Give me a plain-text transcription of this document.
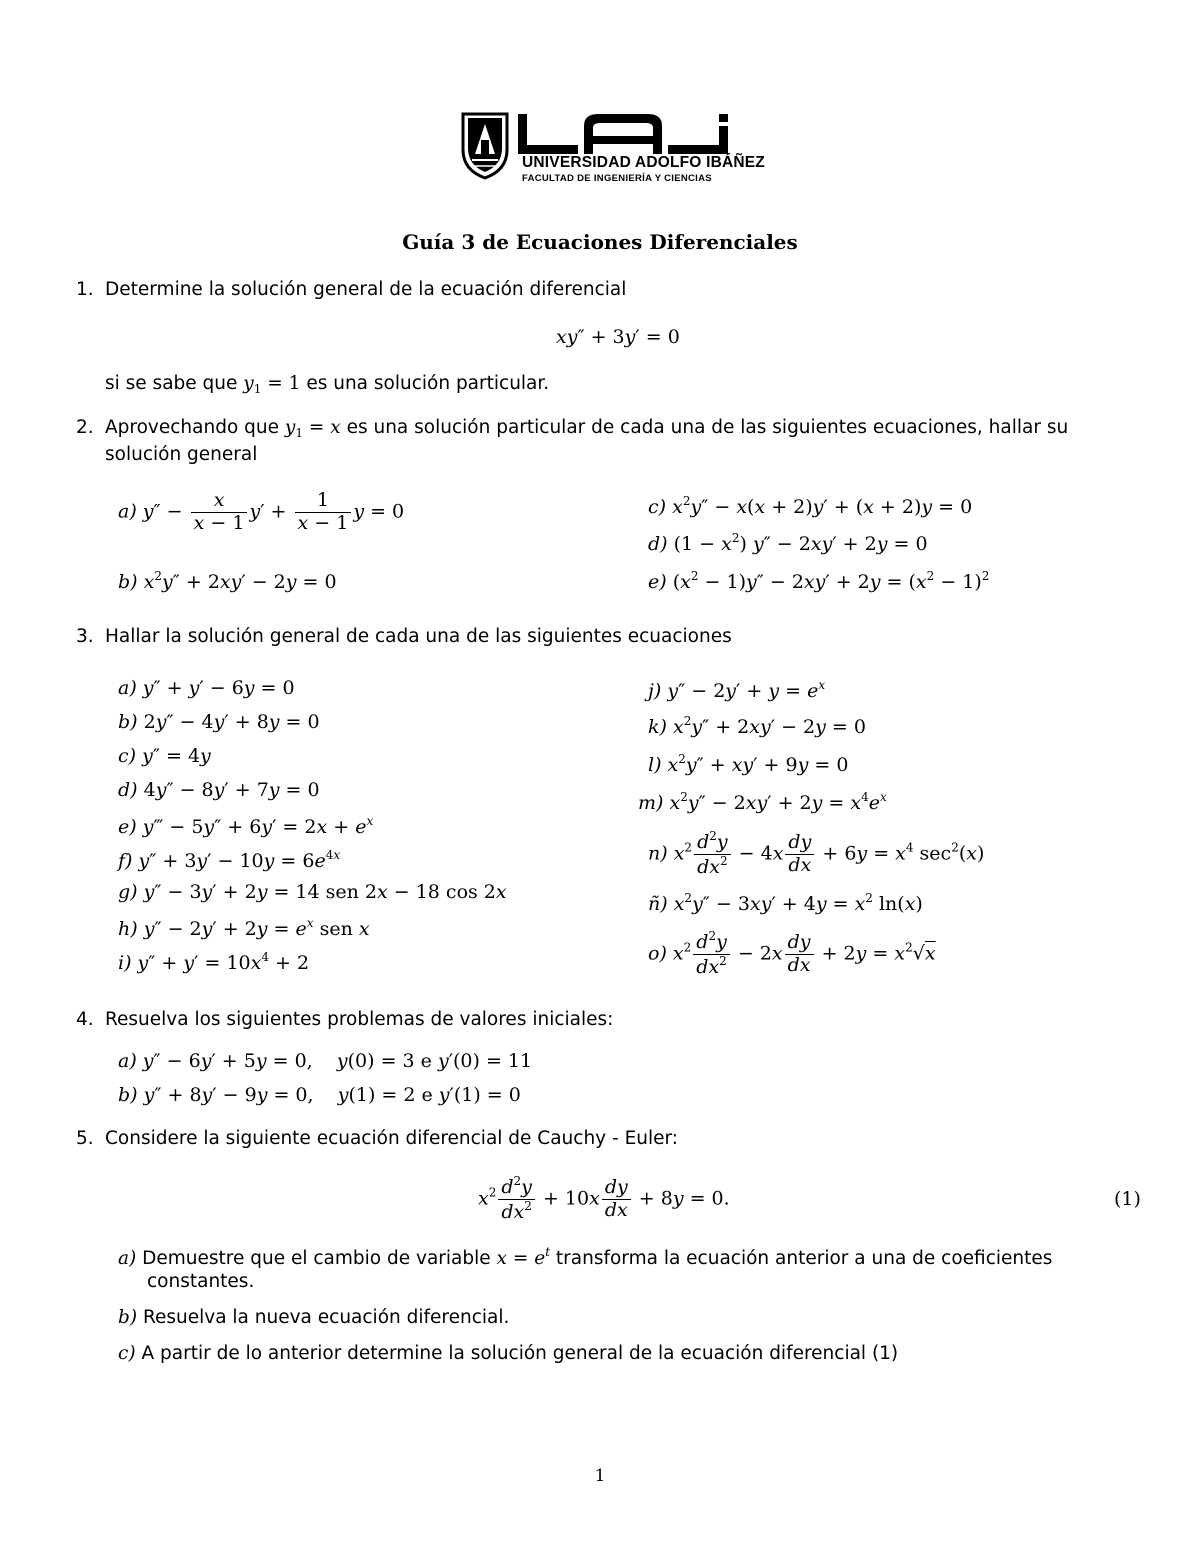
UNIVERSIDAD ADOLFO IBÁÑEZ
FACULTAD DE INGENIERÍA Y CIENCIAS
Guía 3 de Ecuaciones Diferenciales
1. Determine la solución general de la ecuación diferencial
xy″ + 3y′ = 0
si se sabe que $y_1 = 1$ es una solución particular.
2. Aprovechando que $y_1 = x$ es una solución particular de cada una de las siguientes ecuaciones, hallar su
solución general
a) $y'' - \frac{x}{x - 1} y' + \frac{1}{x - 1}$ y = 0
b) $x^2y'' + 2xy' - 2y = 0$
c) $x^2y'' - x(x + 2)y' + (x + 2)y = 0$
d) $(1 - x^2)$ y″ − 2xy′ + 2y = 0
e) $(x^2 - 1)y'' - 2xy' + 2y = (x^2 - 1)^2$
3. Hallar la solución general de cada una de las siguientes ecuaciones
a) y″ + y′ − 6y = 0
b) 2y″ − 4y′ + 8y = 0
c) y″ = 4y
d) 4y″ − 8y′ + 7y = 0
e) y‴ − $5y'' + 6y' = 2x + e^x$
f) $y'' + 3y' - 10y = 6e^{4x}$
g) y″ − 3y′ + 2y = 14 sen 2x − 18 cos 2x
h) $y'' - 2y' + 2y = e^x$ sen x
i) $y'' + y' = 10x^4 + 2$
j) $y'' - 2y' + y = e^x$
k) $x^2y'' + 2xy' - 2y = 0$
l) $x^2y'' + xy' + 9y = 0$
m) $x^2y'' - 2xy' + 2y = x^4e^x$
n) $x^2 \frac{d^2y}{dx^2} - 4x \frac{dy}{dx} + 6y = x^4$ $\sec^2(x)$
ñ) $x^2y'' - 3xy' + 4y = x^2$ ln(x)
o) $x^2 \frac{d^2y}{dx^2} - 2x \frac{dy}{dx} + 2y = x^2√x$
4. Resuelva los siguientes problemas de valores iniciales:
a) y″ − 6y′ + 5y = 0,    y(0) = 3 e y′(0) = 11
b) y″ + 8y′ − 9y = 0,    y(1) = 2 e y′(1) = 0
5. Considere la siguiente ecuación diferencial de Cauchy - Euler:
$x^2 \frac{d^2y}{dx^2} + 10x \frac{dy}{dx} + 8y = 0$.	(1)
a) Demuestre que el cambio de variable $x = e^t$ transforma la ecuación anterior a una de coeficientes
constantes.
b) Resuelva la nueva ecuación diferencial.
c) A partir de lo anterior determine la solución general de la ecuación diferencial (1)
1
